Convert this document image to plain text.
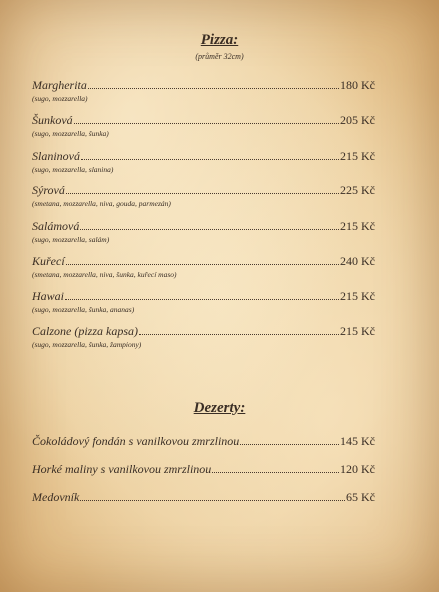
Pizza:
(průměr 32cm)
Margherita	180 Kč
(sugo, mozzarella)
Šunková	205 Kč
(sugo, mozzarella, šunka)
Slaninová	215 Kč
(sugo, mozzarella, slanina)
Sýrová	225 Kč
(smetana, mozzarella, niva, gouda, parmezán)
Salámová	215 Kč
(sugo, mozzarella, salám)
Kuřecí	240 Kč
(smetana, mozzarella, niva, šunka, kuřecí maso)
Hawai	215 Kč
(sugo, mozzarella, šunka, ananas)
Calzone (pizza kapsa)	215 Kč
(sugo, mozzarella, šunka, žampiony)
Dezerty:
Čokoládový fondán s vanilkovou zmrzlinou	145 Kč
Horké maliny s vanilkovou zmrzlinou	120 Kč
Medovník	65 Kč
